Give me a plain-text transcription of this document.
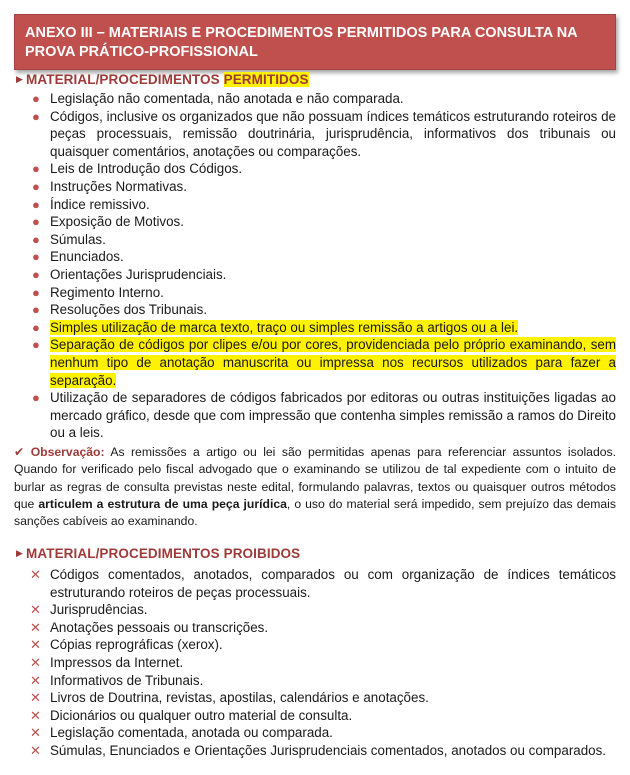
ANEXO III – MATERIAIS E PROCEDIMENTOS PERMITIDOS PARA CONSULTA NA PROVA PRÁTICO-PROFISSIONAL
▶ MATERIAL/PROCEDIMENTOS PERMITIDOS
● Legislação não comentada, não anotada e não comparada.
● Códigos, inclusive os organizados que não possuam índices temáticos estruturando roteiros de peças processuais, remissão doutrinária, jurisprudência, informativos dos tribunais ou quaisquer comentários, anotações ou comparações.
● Leis de Introdução dos Códigos.
● Instruções Normativas.
● Índice remissivo.
● Exposição de Motivos.
● Súmulas.
● Enunciados.
● Orientações Jurisprudenciais.
● Regimento Interno.
● Resoluções dos Tribunais.
● Simples utilização de marca texto, traço ou simples remissão a artigos ou a lei.
● Separação de códigos por clipes e/ou por cores, providenciada pelo próprio examinando, sem nenhum tipo de anotação manuscrita ou impressa nos recursos utilizados para fazer a separação.
● Utilização de separadores de códigos fabricados por editoras ou outras instituições ligadas ao mercado gráfico, desde que com impressão que contenha simples remissão a ramos do Direito ou a leis.

✔ Observação: As remissões a artigo ou lei são permitidas apenas para referenciar assuntos isolados. Quando for verificado pelo fiscal advogado que o examinando se utilizou de tal expediente com o intuito de burlar as regras de consulta previstas neste edital, formulando palavras, textos ou quaisquer outros métodos que articulem a estrutura de uma peça jurídica, o uso do material será impedido, sem prejuízo das demais sanções cabíveis ao examinando.

▶ MATERIAL/PROCEDIMENTOS PROIBIDOS
✕ Códigos comentados, anotados, comparados ou com organização de índices temáticos estruturando roteiros de peças processuais.
✕ Jurisprudências.
✕ Anotações pessoais ou transcrições.
✕ Cópias reprográficas (xerox).
✕ Impressos da Internet.
✕ Informativos de Tribunais.
✕ Livros de Doutrina, revistas, apostilas, calendários e anotações.
✕ Dicionários ou qualquer outro material de consulta.
✕ Legislação comentada, anotada ou comparada.
✕ Súmulas, Enunciados e Orientações Jurisprudenciais comentados, anotados ou comparados.
